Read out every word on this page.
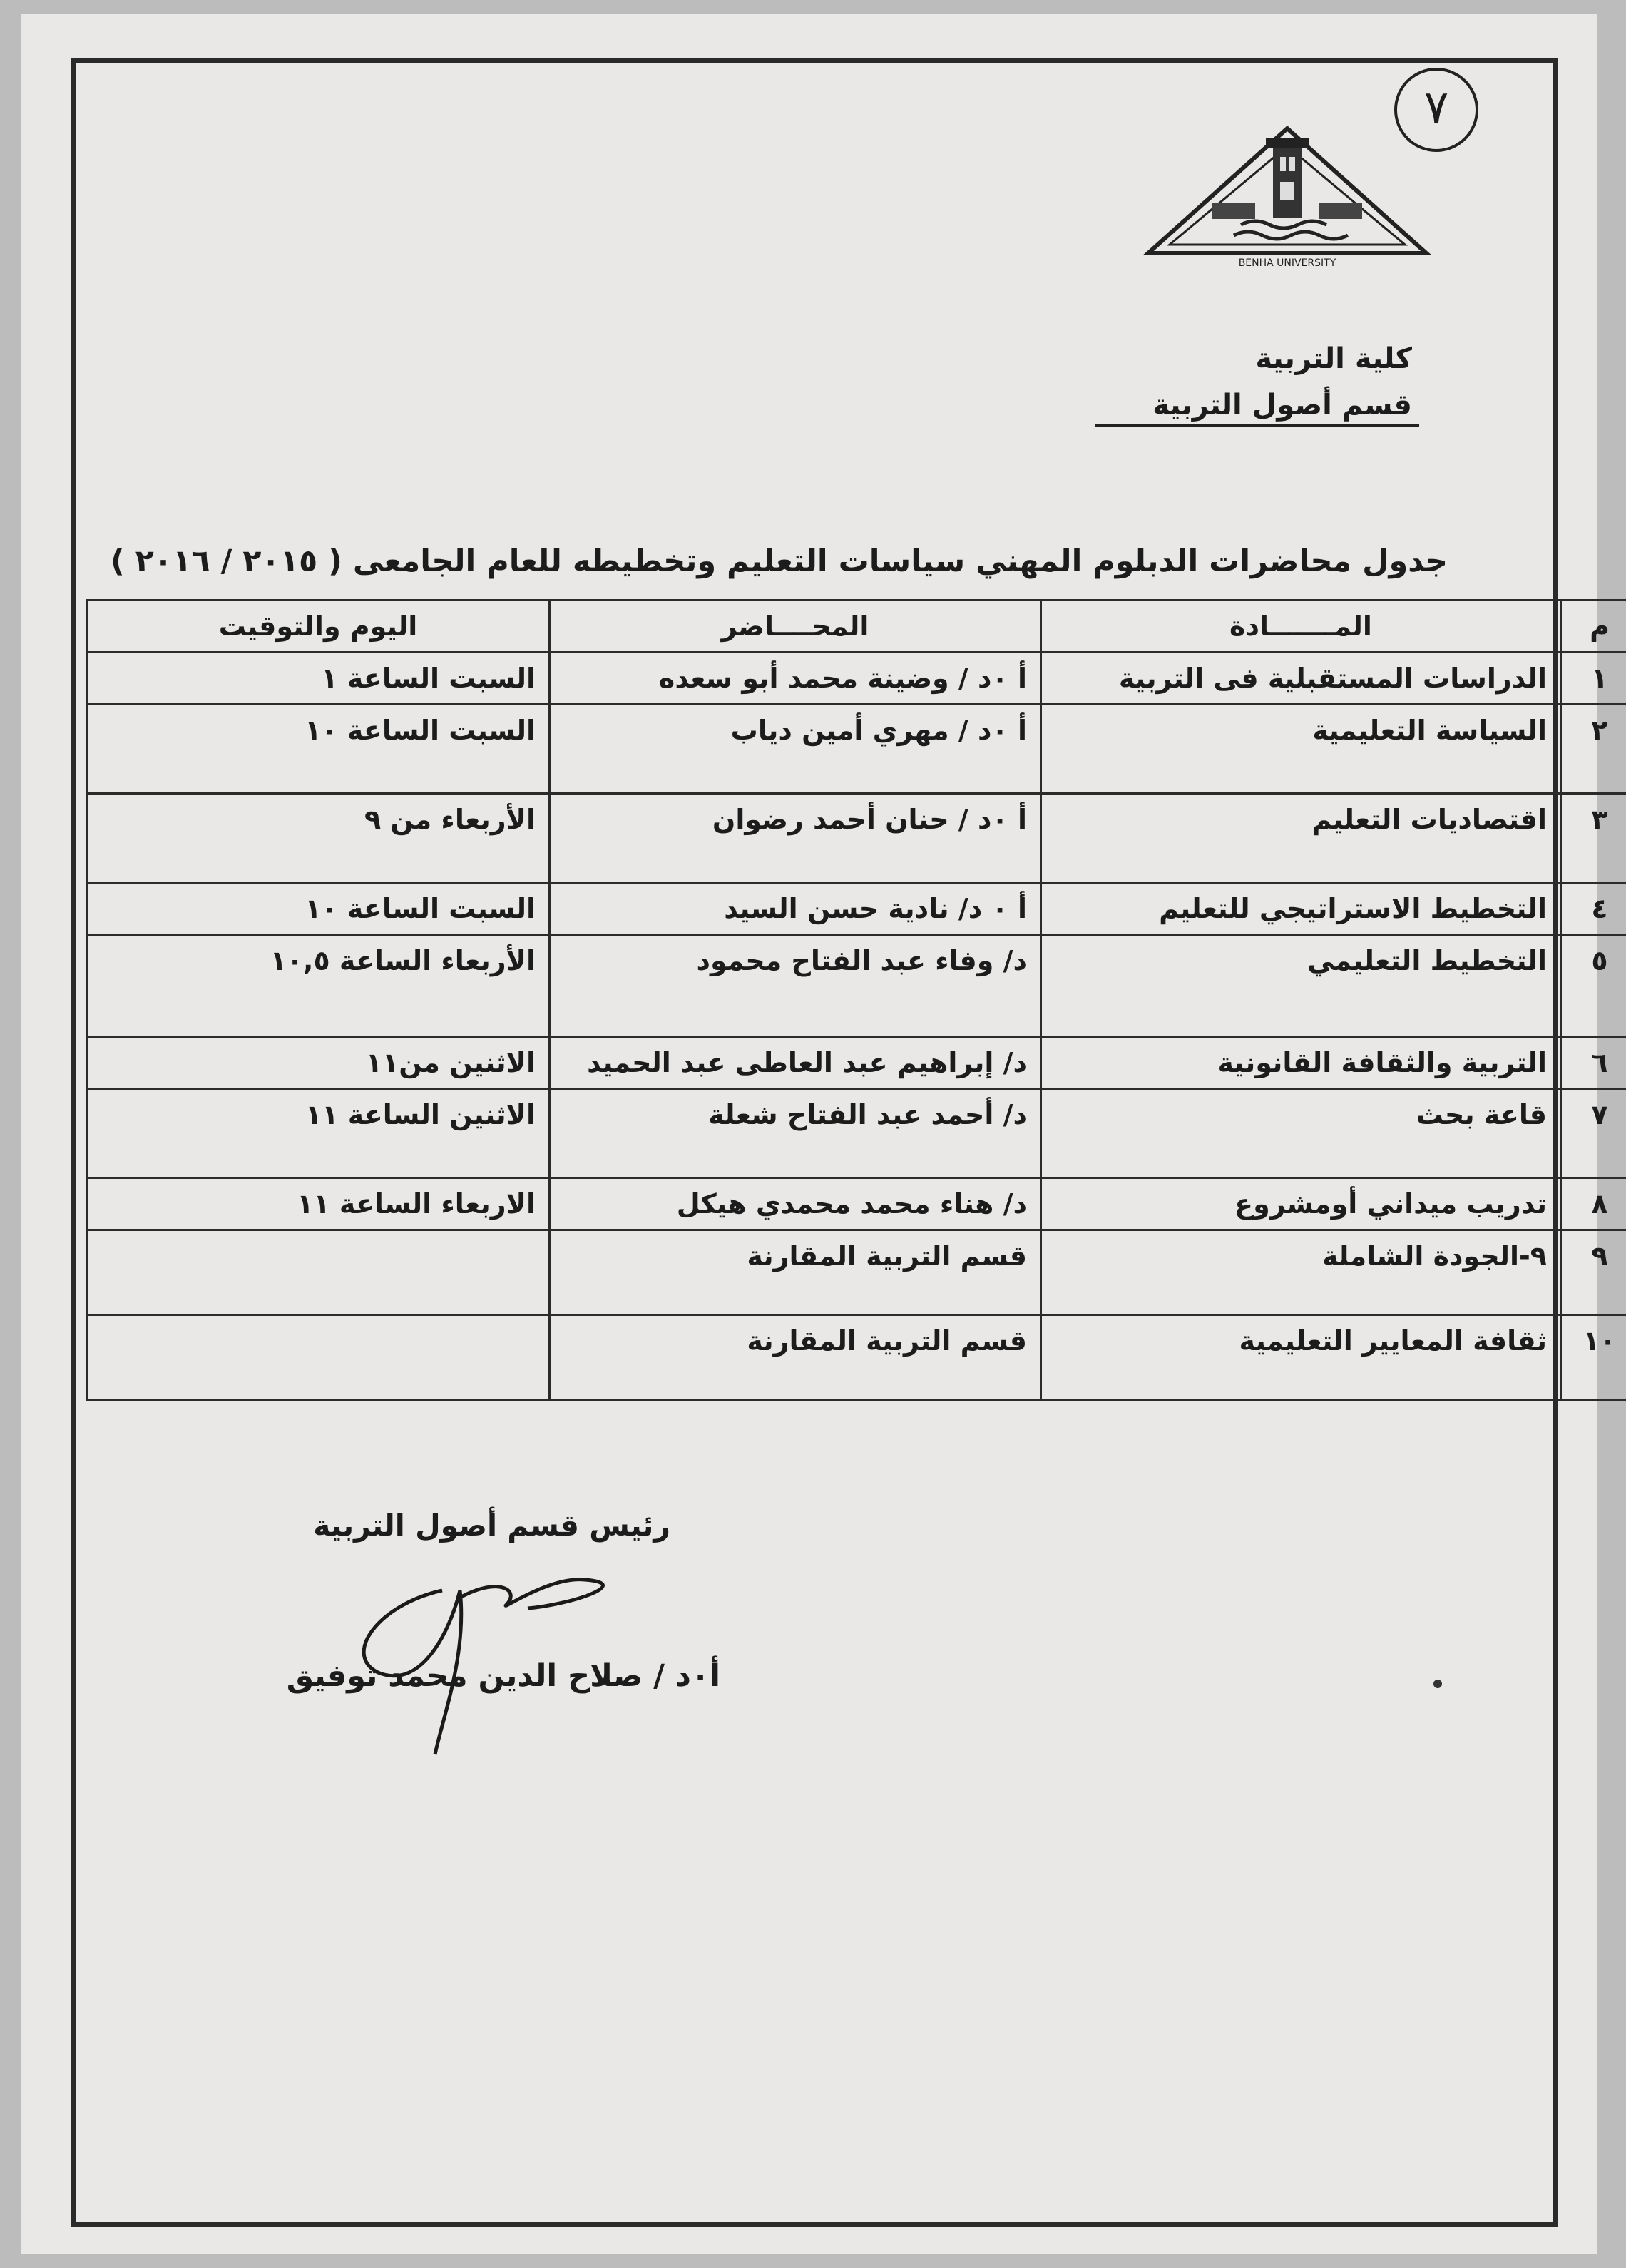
٧
BENHA UNIVERSITY
كلية التربية
قسم أصول التربية
جدول محاضرات الدبلوم المهني سياسات التعليم وتخطيطه للعام الجامعى ( ٢٠١٥ / ٢٠١٦ )
م	المـــــــادة	المحــــاضر	اليوم والتوقيت
١	الدراسات المستقبلية فى التربية	أ ٠د / وضينة محمد أبو سعده	السبت الساعة ١
٢	السياسة التعليمية	أ ٠د / مهري أمين دياب	السبت الساعة ١٠
٣	اقتصاديات التعليم	أ ٠د / حنان أحمد رضوان	الأربعاء من ٩
٤	التخطيط الاستراتيجي للتعليم	أ ٠ د/ نادية حسن السيد	السبت الساعة ١٠
٥	التخطيط التعليمي	د/ وفاء عبد الفتاح محمود	الأربعاء الساعة ١٠,٥
٦	التربية والثقافة القانونية	د/ إبراهيم عبد العاطى عبد الحميد	الاثنين من١١
٧	قاعة بحث	د/ أحمد عبد الفتاح شعلة	الاثنين الساعة ١١
٨	تدريب ميداني أومشروع	د/ هناء محمد محمدي هيكل	الاربعاء الساعة ١١
٩	٩-الجودة الشاملة	قسم التربية المقارنة	
١٠	ثقافة المعايير التعليمية	قسم التربية المقارنة	
رئيس قسم أصول التربية
أ٠د / صلاح الدين محمد توفيق
